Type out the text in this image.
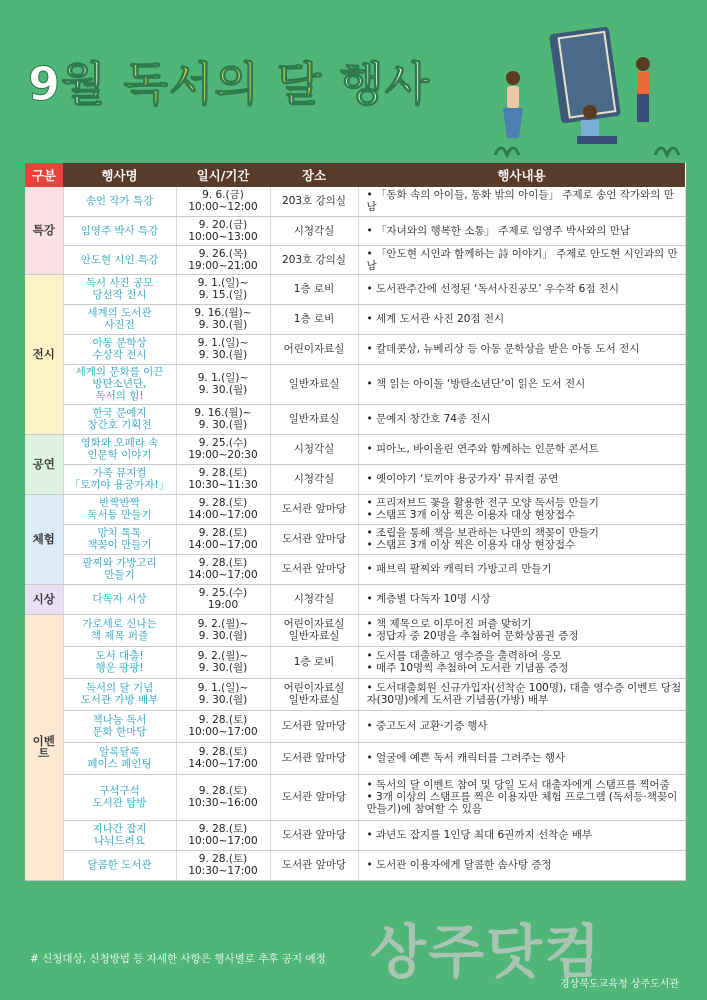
9월 독서의 달 행사
구분	행사명	일시/기간	장소	행사내용
특강	송언 작가 특강	9. 6.(금)
10:00~12:00	203호 강의실	• 「동화 속의 아이들, 동화 밖의 아이들」 주제로 송언 작가와의 만남

	임영주 박사 특강	9. 20.(금)
10:00~13:00	시청각실	• 「자녀와의 행복한 소통」 주제로 임영주 박사와의 만남

	안도현 시인 특강	9. 26.(목)
19:00~21:00	203호 강의실	• 「안도현 시인과 함께하는 詩 이야기」 주제로 안도현 시인과의 만남

전시	독서 사진 공모
당선작 전시	9. 1.(일)~
9. 15.(일)	1층 로비	• 도서관주간에 선정된 ‘독서사진공모’ 우수작 6점 전시

	세계의 도서관
사진전	9. 16.(월)~
9. 30.(월)	1층 로비	• 세계 도서관 사진 20점 전시

	아동 문학상
수상작 전시	9. 1.(일)~
9. 30.(월)	어린이자료실	• 칼데콧상, 뉴베리상 등 아동 문학상을 받은 아동 도서 전시

	세계의 문화를 이끈
방탄소년단,
독서의 힘!	9. 1.(일)~
9. 30.(월)	일반자료실	• 책 읽는 아이돌 ‘방탄소년단’이 읽은 도서 전시

	한국 문예지
창간호 기획전	9. 16.(월)~
9. 30.(월)	일반자료실	• 문예지 창간호 74종 전시

공연	영화와 오페라 속
인문학 이야기	9. 25.(수)
19:00~20:30	시청각실	• 피아노, 바이올린 연주와 함께하는 인문학 콘서트

	가족 뮤지컬
「토끼야 용궁가자!」	9. 28.(토)
10:30~11:30	시청각실	• 옛이야기 ‘토끼야 용궁가자’ 뮤지컬 공연

체험	반짝반짝
독서등 만들기	9. 28.(토)
14:00~17:00	도서관 앞마당	• 프리저브드 꽃을 활용한 전구 모양 독서등 만들기
• 스탬프 3개 이상 찍은 이용자 대상 현장접수

	망치 톡톡
책꽂이 만들기	9. 28.(토)
14:00~17:00	도서관 앞마당	• 조립을 통해 책을 보관하는 나만의 책꽂이 만들기
• 스탬프 3개 이상 찍은 이용자 대상 현장접수

	팔찌와 가방고리
만들기	9. 28.(토)
14:00~17:00	도서관 앞마당	• 패브릭 팔찌와 캐릭터 가방고리 만들기

시상	다독자 시상	9. 25.(수)
19:00	시청각실	• 계층별 다독자 10명 시상

이벤트	가로세로 신나는
책 제목 퍼즐	9. 2.(월)~
9. 30.(월)	어린이자료실
일반자료실	• 책 제목으로 이루어진 퍼즐 맞히기
• 정답자 중 20명을 추첨하여 문화상품권 증정

	도서 대출!
행운 팡팡!	9. 2.(월)~
9. 30.(월)	1층 로비	• 도서를 대출하고 영수증을 출력하여 응모
• 매주 10명씩 추첨하여 도서관 기념품 증정

	독서의 달 기념
도서관 가방 배부	9. 1.(일)~
9. 30.(월)	어린이자료실
일반자료실	• 도서대출회원 신규가입자(선착순 100명), 대출 영수증 이벤트 당첨자(30명)에게 도서관 기념품(가방) 배부

	책나눔 독서
문화 한마당	9. 28.(토)
10:00~17:00	도서관 앞마당	• 중고도서 교환·기증 행사

	알록달록
페이스 페인팅	9. 28.(토)
14:00~17:00	도서관 앞마당	• 얼굴에 예쁜 독서 캐릭터를 그려주는 행사

	구석구석
도서관 탐방	9. 28.(토)
10:30~16:00	도서관 앞마당	• 독서의 달 이벤트 참여 및 당일 도서 대출자에게 스탬프를 찍어줌
• 3개 이상의 스탬프를 찍은 이용자만 체험 프로그램 (독서등·책꽂이 만들기)에 참여할 수 있음

	지나간 잡지
나눠드려요	9. 28.(토)
10:00~17:00	도서관 앞마당	• 과년도 잡지를 1인당 최대 6권까지 선착순 배부

	달콤한 도서관	9. 28.(토)
10:30~17:00	도서관 앞마당	• 도서관 이용자에게 달콤한 솜사탕 증정
# 신청대상, 신청방법 등 자세한 사항은 행사별로 추후 공지 예정
경상북도교육청 상주도서관
상주닷컴
